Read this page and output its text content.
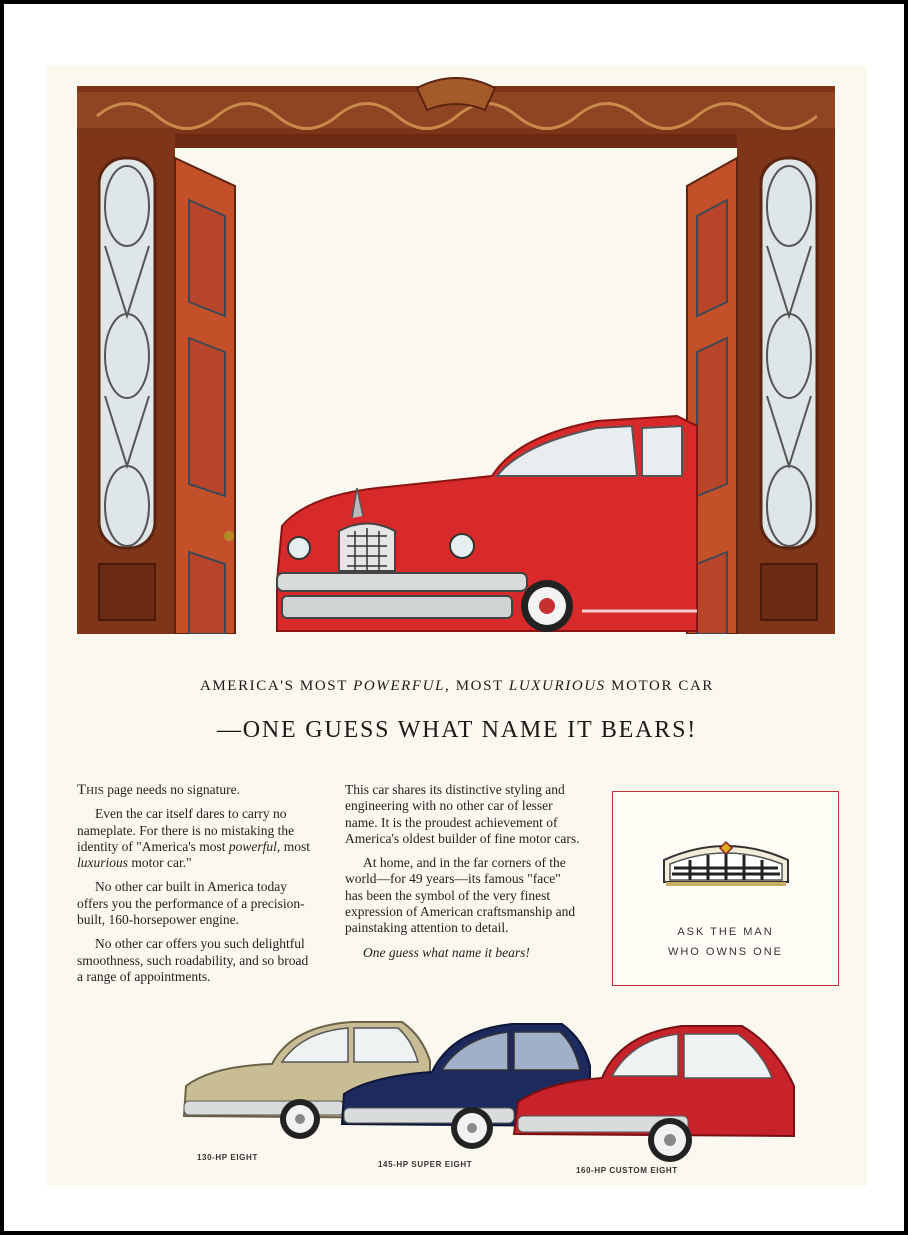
AMERICA'S MOST POWERFUL, MOST LUXURIOUS MOTOR CAR
—ONE GUESS WHAT NAME IT BEARS!

This page needs no signature.

Even the car itself dares to carry no nameplate. For there is no mistaking the identity of "America's most powerful, most luxurious motor car."

No other car built in America today offers you the performance of a precision-built, 160-horsepower engine.

No other car offers you such delightful smoothness, such roadability, and so broad a range of appointments.

This car shares its distinctive styling and engineering with no other car of lesser name. It is the proudest achievement of America's oldest builder of fine motor cars.

At home, and in the far corners of the world—for 49 years—its famous "face" has been the symbol of the very finest expression of American craftsmanship and painstaking attention to detail.

One guess what name it bears!

ASK THE MAN
WHO OWNS ONE
130-HP EIGHT
145-HP SUPER EIGHT
160-HP CUSTOM EIGHT
